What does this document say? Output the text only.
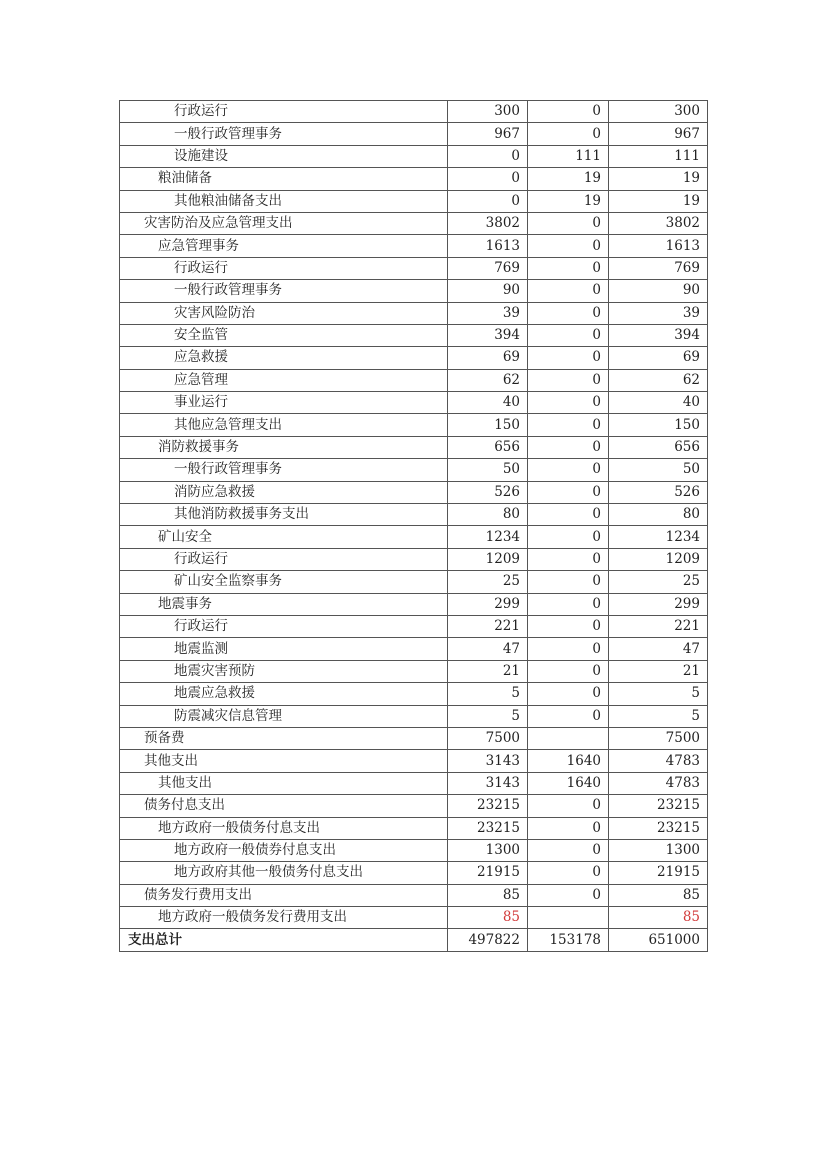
行政运行	300	0	300
一般行政管理事务	967	0	967
设施建设	0	111	111
粮油储备	0	19	19
其他粮油储备支出	0	19	19
灾害防治及应急管理支出	3802	0	3802
应急管理事务	1613	0	1613
行政运行	769	0	769
一般行政管理事务	90	0	90
灾害风险防治	39	0	39
安全监管	394	0	394
应急救援	69	0	69
应急管理	62	0	62
事业运行	40	0	40
其他应急管理支出	150	0	150
消防救援事务	656	0	656
一般行政管理事务	50	0	50
消防应急救援	526	0	526
其他消防救援事务支出	80	0	80
矿山安全	1234	0	1234
行政运行	1209	0	1209
矿山安全监察事务	25	0	25
地震事务	299	0	299
行政运行	221	0	221
地震监测	47	0	47
地震灾害预防	21	0	21
地震应急救援	5	0	5
防震减灾信息管理	5	0	5
预备费	7500		7500
其他支出	3143	1640	4783
其他支出	3143	1640	4783
债务付息支出	23215	0	23215
地方政府一般债务付息支出	23215	0	23215
地方政府一般债券付息支出	1300	0	1300
地方政府其他一般债务付息支出	21915	0	21915
债务发行费用支出	85	0	85
地方政府一般债务发行费用支出	85		85
支出总计	497822	153178	651000
